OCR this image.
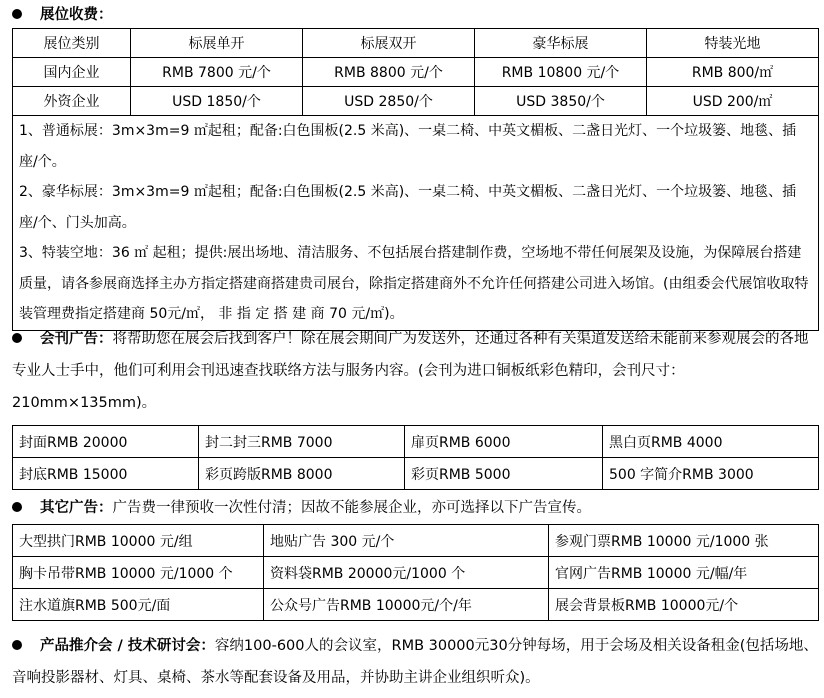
展位收费：
展位类别	标展单开	标展双开	豪华标展	特装光地
国内企业	RMB 7800 元/个	RMB 8800 元/个	RMB 10800 元/个	RMB 800/㎡
外资企业	USD 1850/个	USD 2850/个	USD 3850/个	USD 200/㎡

1、普通标展：3m×3m=9 ㎡起租；配备:白色围板(2.5 米高)、一桌二椅、中英文楣板、二盏日光灯、一个垃圾篓、地毯、插座/个。
2、豪华标展：3m×3m=9 ㎡起租；配备:白色围板(2.5 米高)、一桌二椅、中英文楣板、二盏日光灯、一个垃圾篓、地毯、插座/个、门头加高。
3、特装空地：36 ㎡ 起租；提供:展出场地、清洁服务、不包括展台搭建制作费，空场地不带任何展架及设施，为保障展台搭建质量，请各参展商选择主办方指定搭建商搭建贵司展台，除指定搭建商外不允许任何搭建公司进入场馆。(由组委会代展馆收取特装管理费指定搭建商 50元/㎡， 非 指 定 搭 建 商 70 元/㎡)。				
会刊广告：将帮助您在展会后找到客户！除在展会期间广为发送外，还通过各种有关渠道发送给未能前来参观展会的各地专业人士手中，他们可利用会刊迅速查找联络方法与服务内容。(会刊为进口铜板纸彩色精印，会刊尺寸：210mm×135mm)。
封面RMB 20000	封二封三RMB 7000	扉页RMB 6000	黑白页RMB 4000
封底RMB 15000	彩页跨版RMB 8000	彩页RMB 5000	500 字简介RMB 3000
其它广告：广告费一律预收一次性付清；因故不能参展企业，亦可选择以下广告宣传。
大型拱门RMB 10000 元/组	地贴广告 300 元/个	参观门票RMB 10000 元/1000 张
胸卡吊带RMB 10000 元/1000 个	资料袋RMB 20000元/1000 个	官网广告RMB 10000 元/幅/年
注水道旗RMB 500元/面	公众号广告RMB 10000元/个/年	展会背景板RMB 10000元/个
产品推介会 / 技术研讨会：容纳100-600人的会议室，RMB 30000元30分钟每场，用于会场及相关设备租金(包括场地、音响投影器材、灯具、桌椅、茶水等配套设备及用品，并协助主讲企业组织听众)。
